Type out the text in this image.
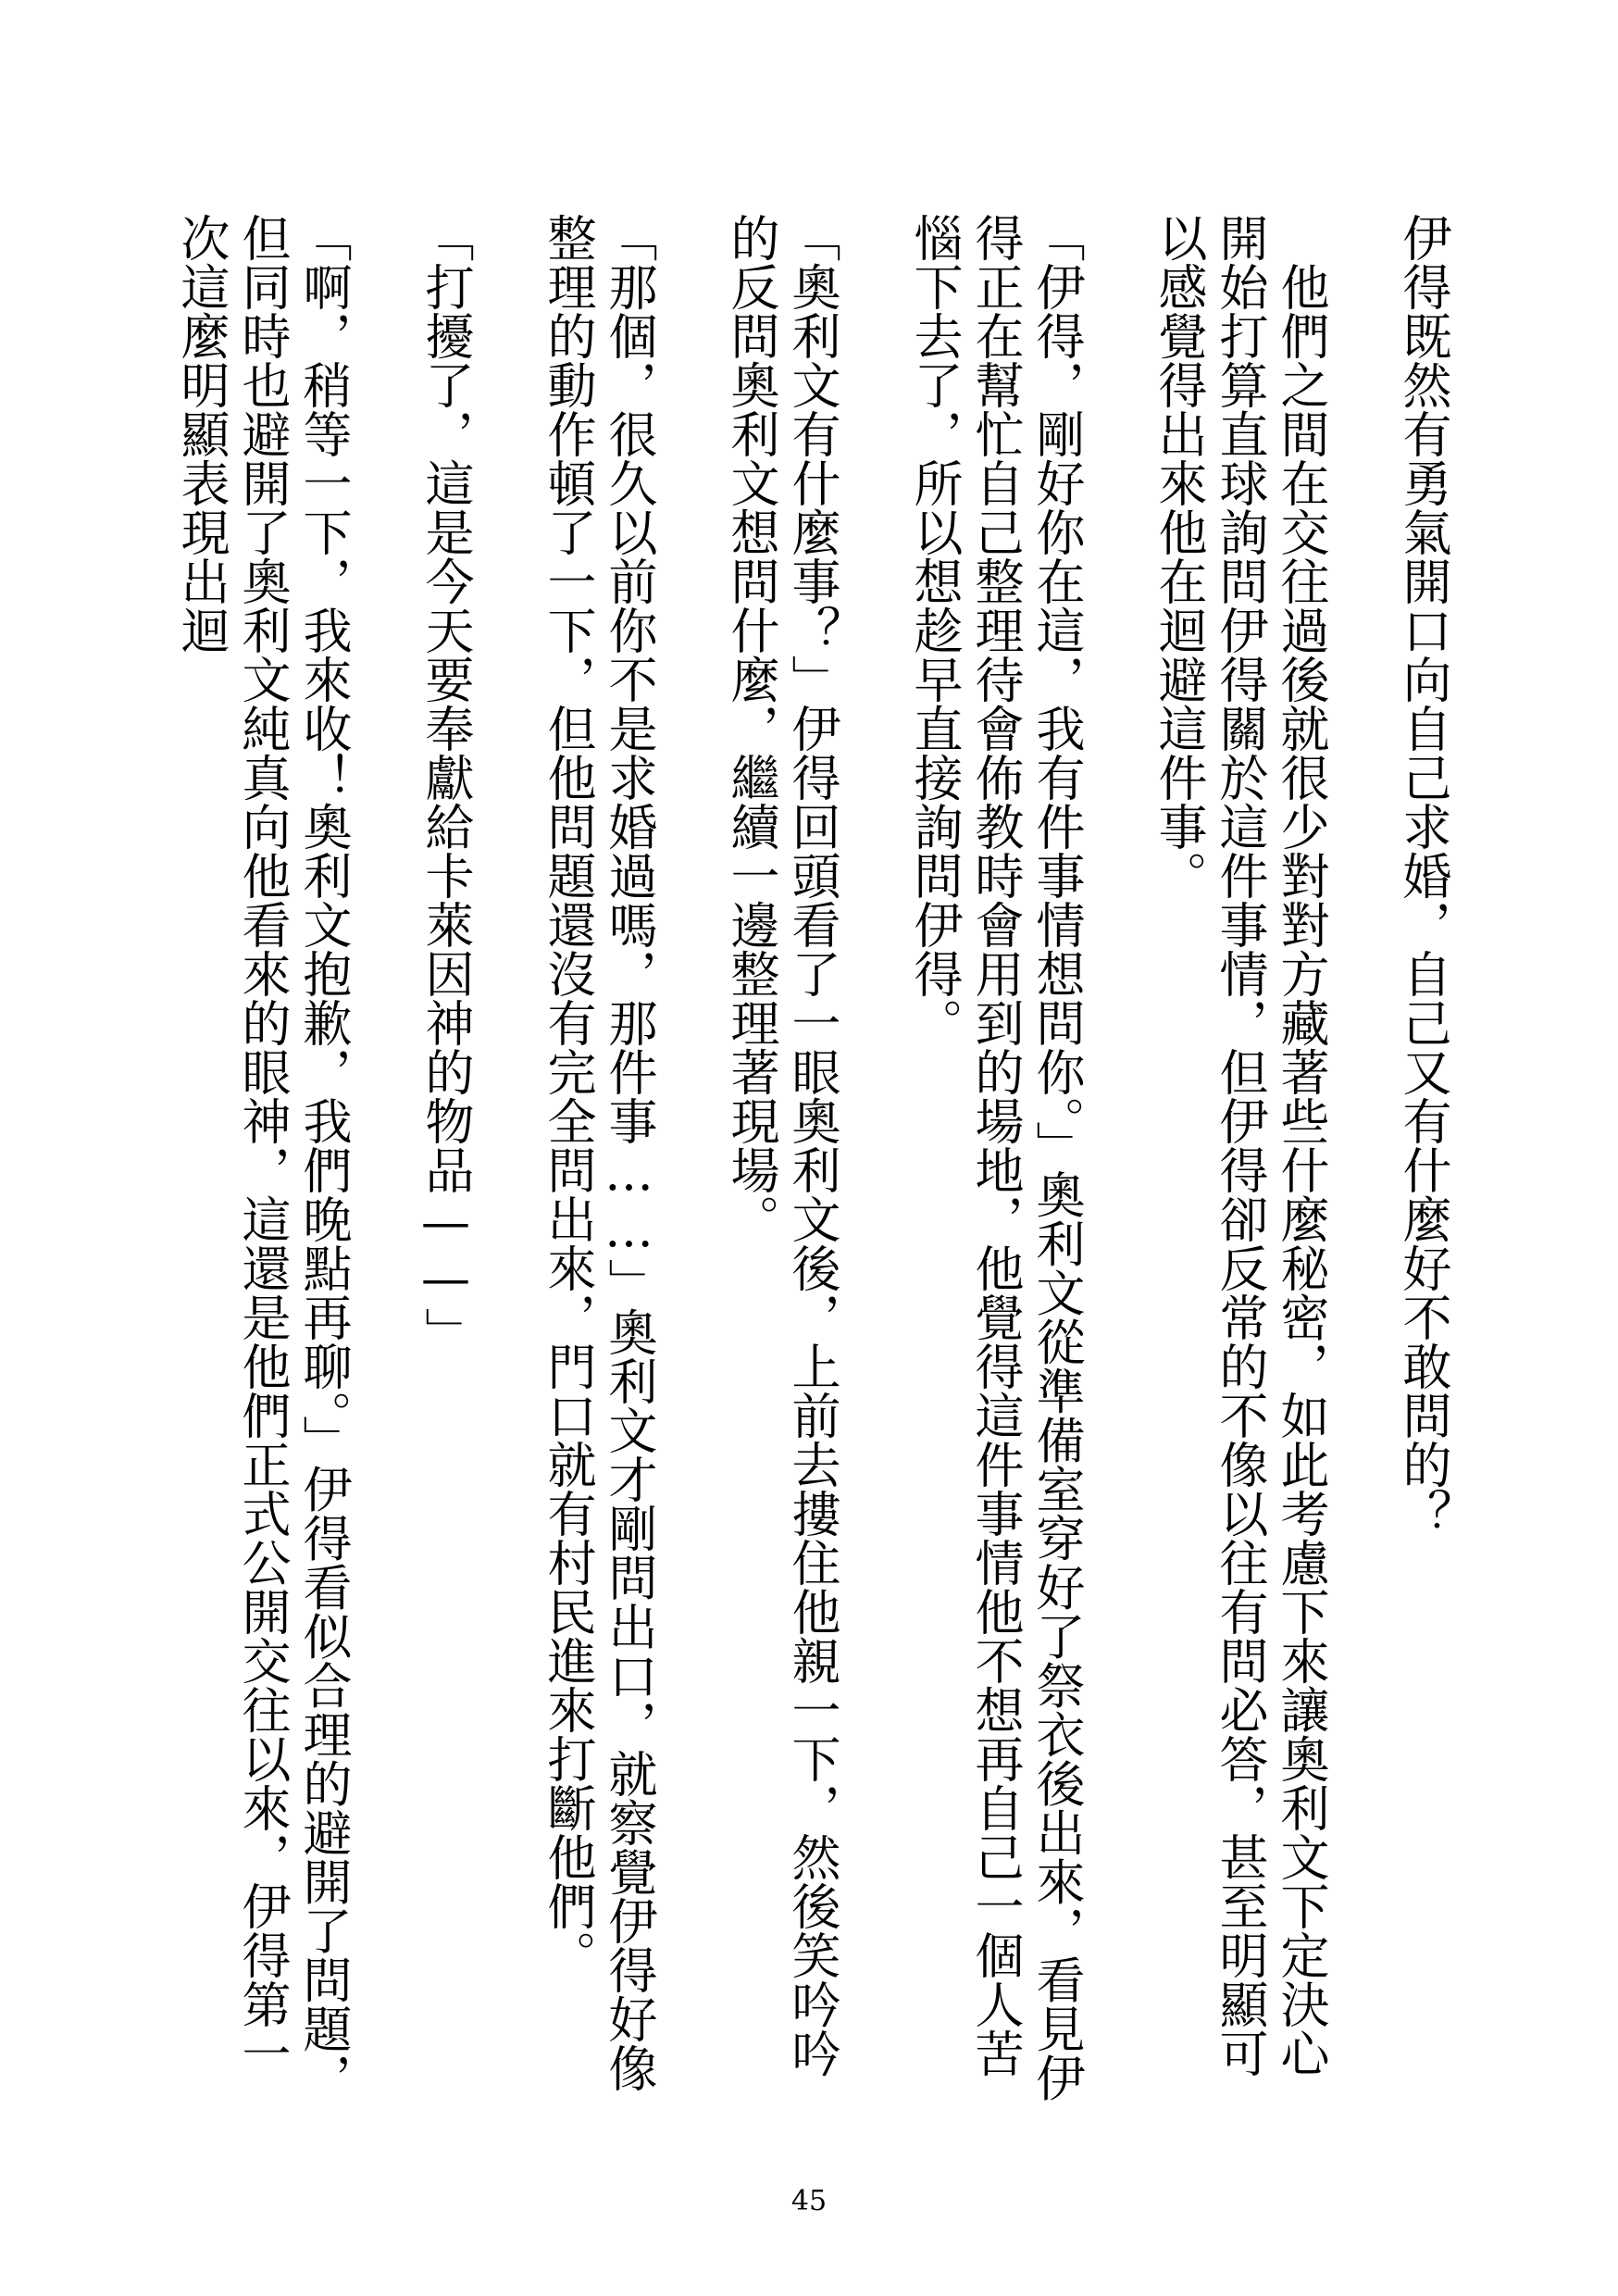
伊得既然有勇氣開口向自己求婚，自己又有什麼好不敢問的？

他們之間在交往過後就很少對對方藏著些什麼秘密，如此考慮下來讓奧利文下定決心開始打算直球詢問伊得關於這件事情，但伊得卻反常的不像以往有問必答，甚至明顯可以感覺得出來他在迴避這件事。

「伊得，剛好你在這，我有件事情想問你。」奧利文從準備室穿好了祭衣後出來，看見伊得正在幫忙自己整理待會佈教時會用到的場地，他覺得這件事情他不想再自己一個人苦惱下去了，所以想趁早直接詢問伊得。

「奧利文有什麼事？」伊得回頭看了一眼奧利文後，上前去摟住他親一下，然後笑吟吟的反問奧利文想問什麼，繼續一邊整理著現場。

「那個，很久以前你不是求婚過嗎，那件事……」奧利文才剛問出口，就察覺伊得好像整理的動作頓了一下，但他問題還沒有完全問出來，門口就有村民進來打斷他們。

「打擾了，這是今天要奉獻給卡萊因神的物品——」

「啊，稍等一下，我來收！奧利文抱歉，我們晚點再聊。」伊得看似合理的避開了問題，但同時也避開了奧利文純真向他看來的眼神，這還是他們正式公開交往以來，伊得第一次這麼明顯表現出迴

45
